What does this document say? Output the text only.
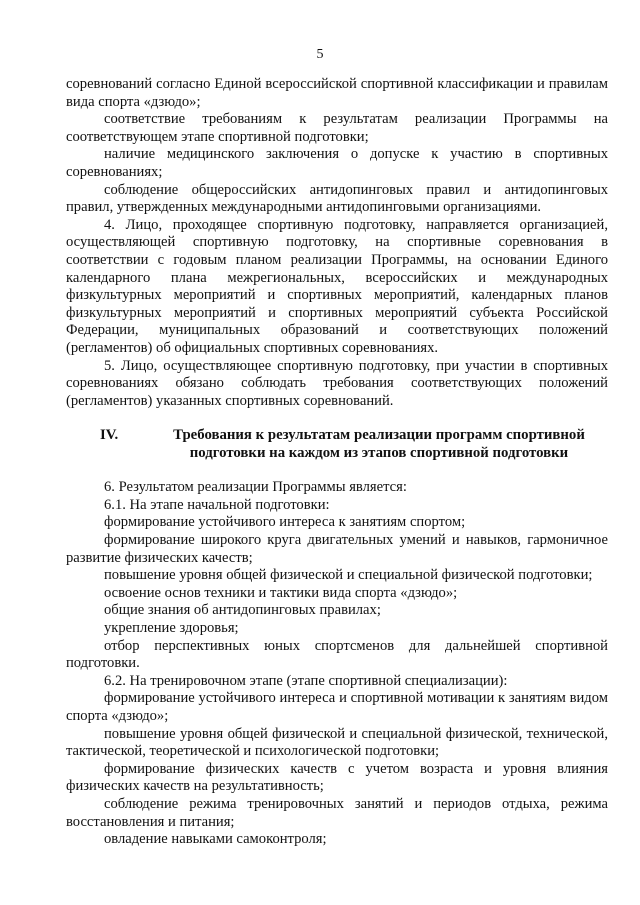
5

соревнований согласно Единой всероссийской спортивной классификации и правилам вида спорта «дзюдо»;

соответствие требованиям к результатам реализации Программы на соответствующем этапе спортивной подготовки;

наличие медицинского заключения о допуске к участию в спортивных соревнованиях;

соблюдение общероссийских антидопинговых правил и антидопинговых правил, утвержденных международными антидопинговыми организациями.

4. Лицо, проходящее спортивную подготовку, направляется организацией, осуществляющей спортивную подготовку, на спортивные соревнования в соответствии с годовым планом реализации Программы, на основании Единого календарного плана межрегиональных, всероссийских и международных физкультурных мероприятий и спортивных мероприятий, календарных планов физкультурных мероприятий и спортивных мероприятий субъекта Российской Федерации, муниципальных образований и соответствующих положений (регламентов) об официальных спортивных соревнованиях.

5. Лицо, осуществляющее спортивную подготовку, при участии в спортивных соревнованиях обязано соблюдать требования соответствующих положений (регламентов) указанных спортивных соревнований.

IV.	Требования к результатам реализации программ спортивной подготовки на каждом из этапов спортивной подготовки

6. Результатом реализации Программы является:

6.1. На этапе начальной подготовки:

формирование устойчивого интереса к занятиям спортом;

формирование широкого круга двигательных умений и навыков, гармоничное развитие физических качеств;

повышение уровня общей физической и специальной физической подготовки;

освоение основ техники и тактики вида спорта «дзюдо»;

общие знания об антидопинговых правилах;

укрепление здоровья;

отбор перспективных юных спортсменов для дальнейшей спортивной подготовки.

6.2. На тренировочном этапе (этапе спортивной специализации):

формирование устойчивого интереса и спортивной мотивации к занятиям видом спорта «дзюдо»;

повышение уровня общей физической и специальной физической, технической, тактической, теоретической и психологической подготовки;

формирование физических качеств с учетом возраста и уровня влияния физических качеств на результативность;

соблюдение режима тренировочных занятий и периодов отдыха, режима восстановления и питания;

овладение навыками самоконтроля;
